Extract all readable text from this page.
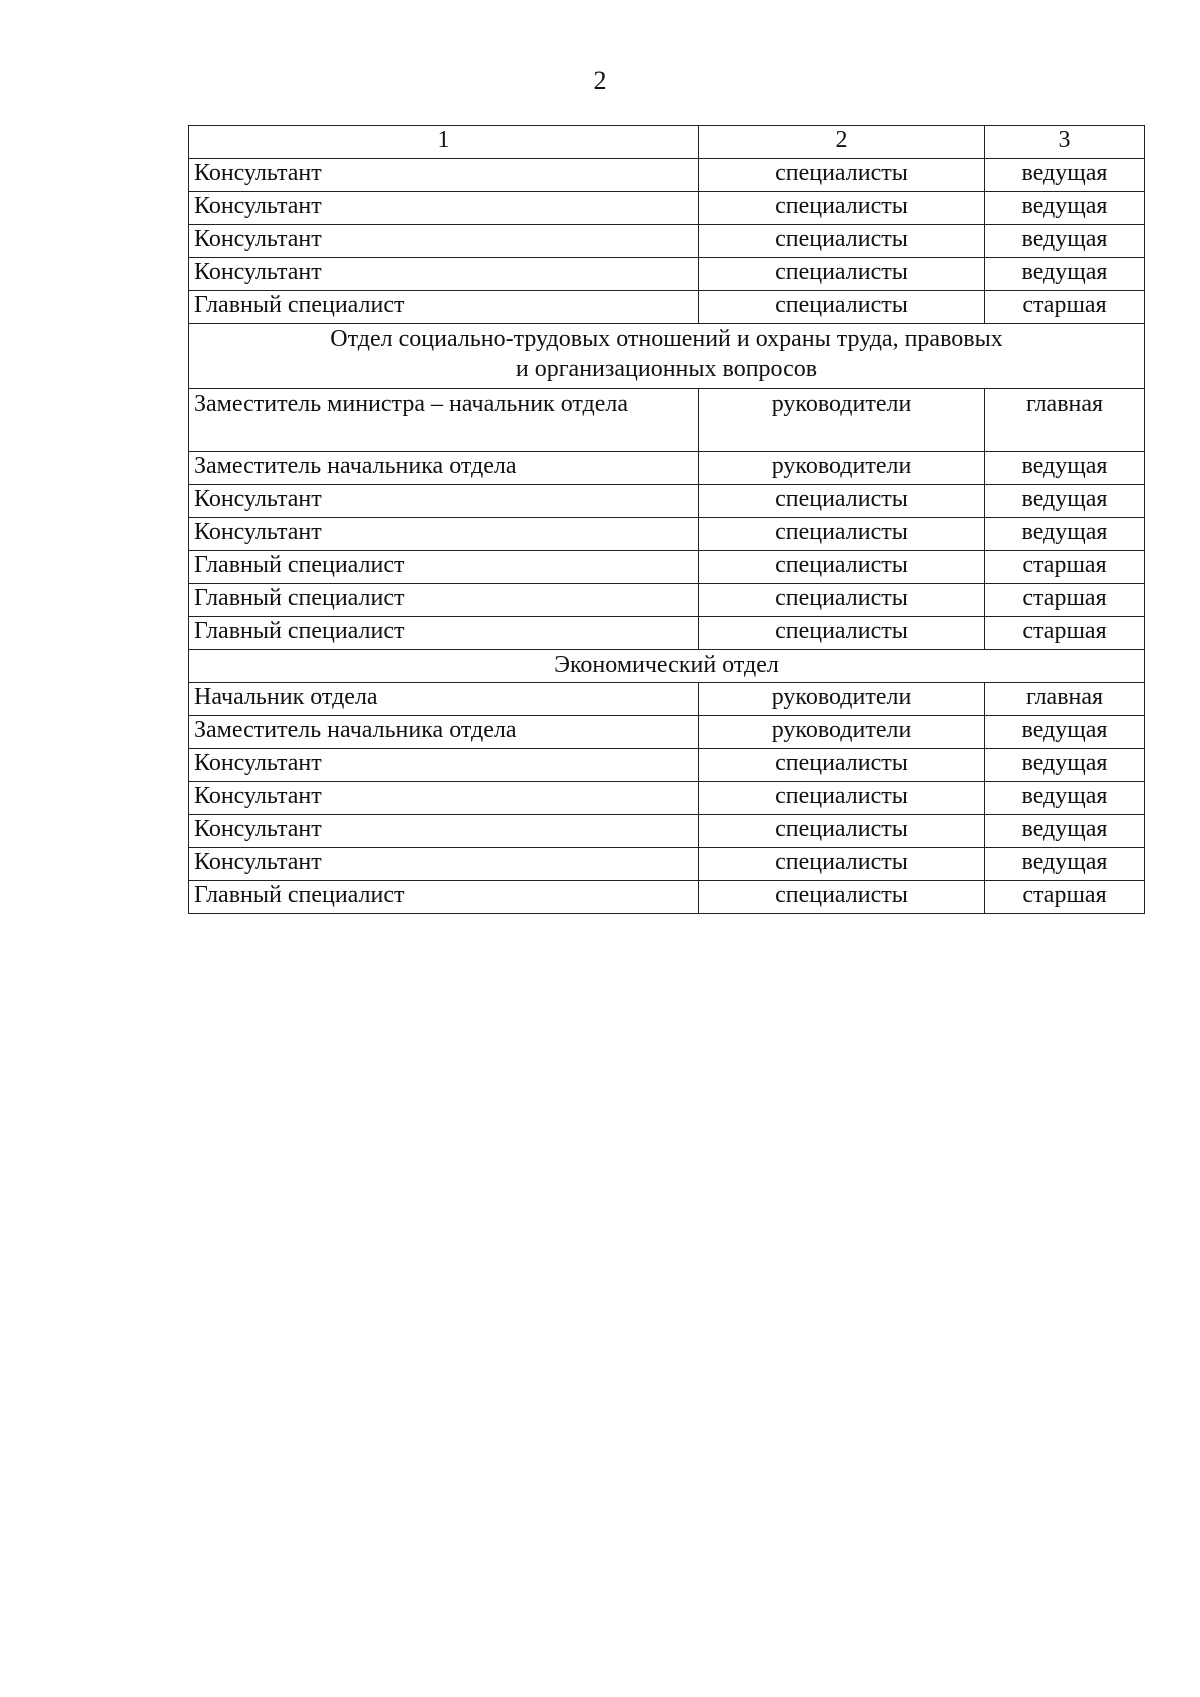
2
1	2	3
Консультант	специалисты	ведущая
Консультант	специалисты	ведущая
Консультант	специалисты	ведущая
Консультант	специалисты	ведущая
Главный специалист	специалисты	старшая

Отдел социально-трудовых отношений и охраны труда, правовых
и организационных вопросов		

Заместитель министра – начальник отдела	руководители	главная
Заместитель начальника отдела	руководители	ведущая
Консультант	специалисты	ведущая
Консультант	специалисты	ведущая
Главный специалист	специалисты	старшая
Главный специалист	специалисты	старшая
Главный специалист	специалисты	старшая

Экономический отдел		

Начальник отдела	руководители	главная
Заместитель начальника отдела	руководители	ведущая
Консультант	специалисты	ведущая
Консультант	специалисты	ведущая
Консультант	специалисты	ведущая
Консультант	специалисты	ведущая
Главный специалист	специалисты	старшая
